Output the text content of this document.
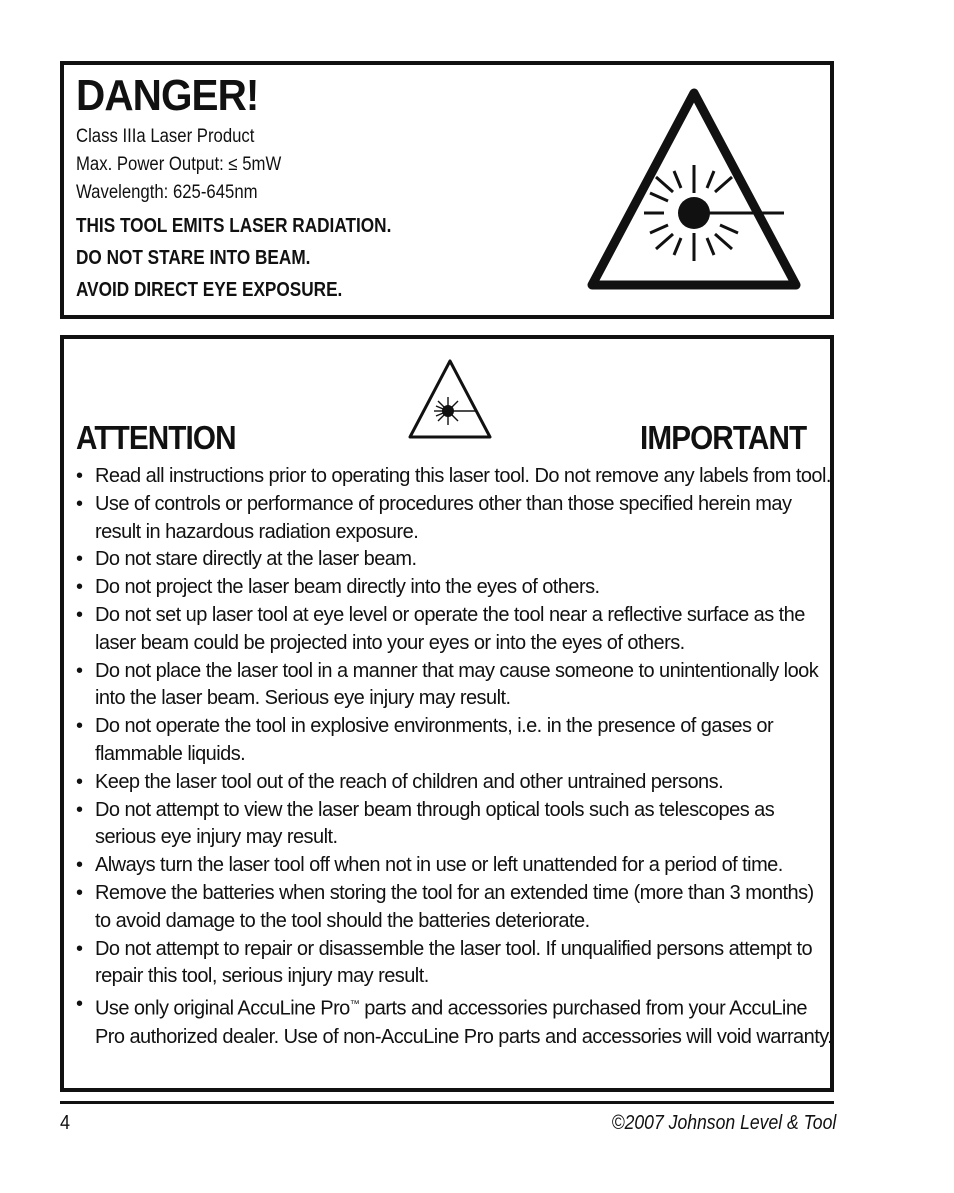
DANGER!
Class IIIa Laser Product
Max. Power Output: ≤ 5mW
Wavelength: 625-645nm
THIS TOOL EMITS LASER RADIATION.
DO NOT STARE INTO BEAM.
AVOID DIRECT EYE EXPOSURE.
ATTENTION	IMPORTANT
• Read all instructions prior to operating this laser tool. Do not remove any labels from tool.
• Use of controls or performance of procedures other than those specified herein may result in hazardous radiation exposure.
• Do not stare directly at the laser beam.
• Do not project the laser beam directly into the eyes of others.
• Do not set up laser tool at eye level or operate the tool near a reflective surface as the laser beam could be projected into your eyes or into the eyes of others.
• Do not place the laser tool in a manner that may cause someone to unintentionally look into the laser beam. Serious eye injury may result.
• Do not operate the tool in explosive environments, i.e. in the presence of gases or flammable liquids.
• Keep the laser tool out of the reach of children and other untrained persons.
• Do not attempt to view the laser beam through optical tools such as telescopes as serious eye injury may result.
• Always turn the laser tool off when not in use or left unattended for a period of time.
• Remove the batteries when storing the tool for an extended time (more than 3 months) to avoid damage to the tool should the batteries deteriorate.
• Do not attempt to repair or disassemble the laser tool. If unqualified persons attempt to repair this tool, serious injury may result.
• Use only original AccuLine Pro™ parts and accessories purchased from your AccuLine Pro authorized dealer. Use of non-AccuLine Pro parts and accessories will void warranty.
4	©2007 Johnson Level & Tool
